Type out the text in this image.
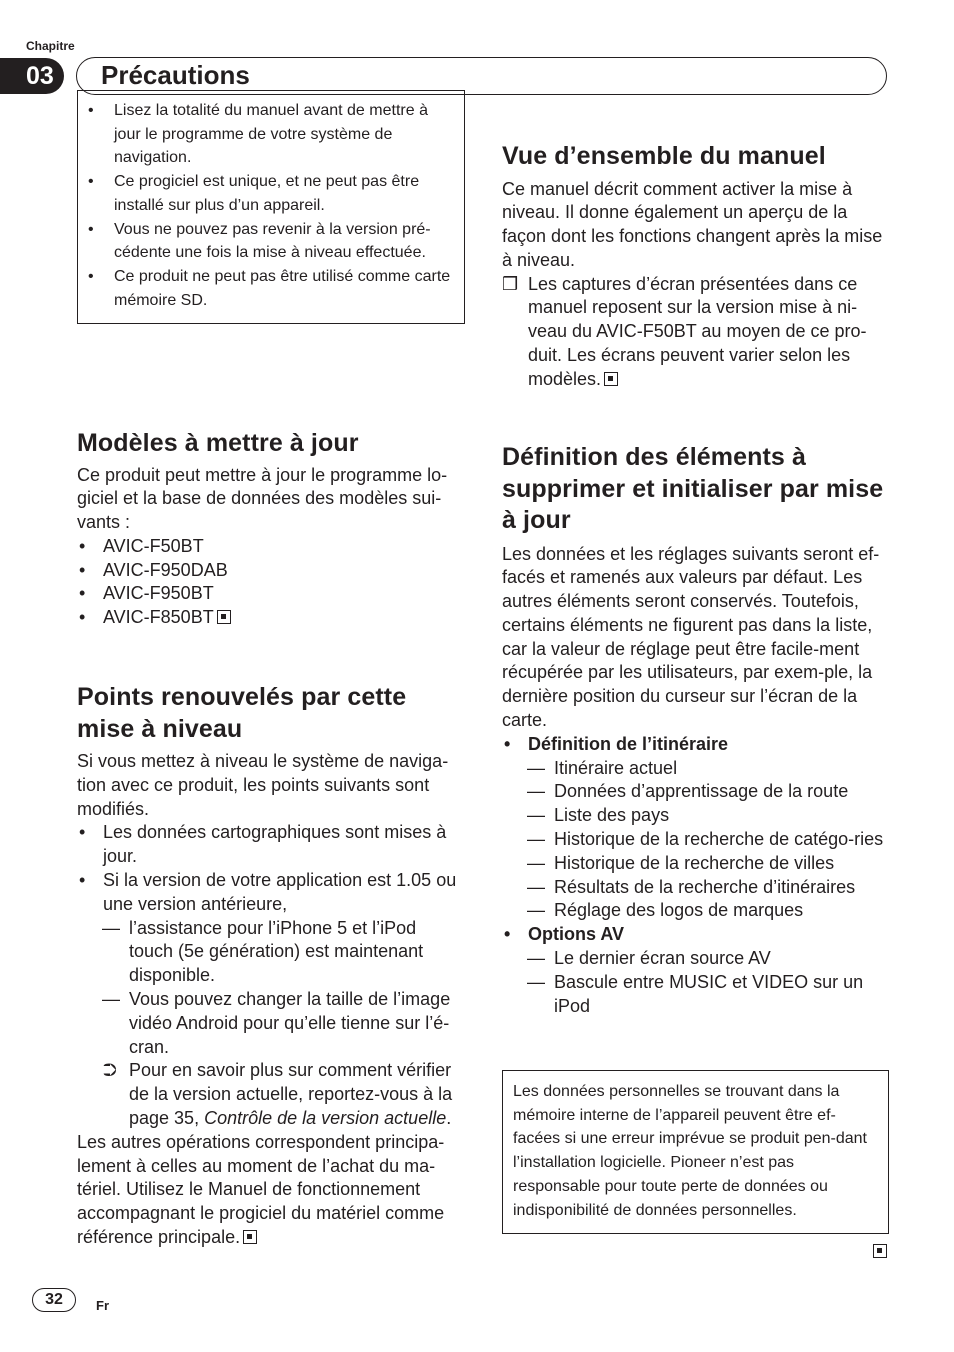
Chapitre
03	Précautions
• Lisez la totalité du manuel avant de mettre à jour le programme de votre système de navigation.
• Ce progiciel est unique, et ne peut pas être installé sur plus d’un appareil.
• Vous ne pouvez pas revenir à la version pré-cédente une fois la mise à niveau effectuée.
• Ce produit ne peut pas être utilisé comme carte mémoire SD.
Modèles à mettre à jour

Ce produit peut mettre à jour le programme lo-giciel et la base de données des modèles sui-vants :

• AVIC-F50BT
• AVIC-F950DAB
• AVIC-F950BT
• AVIC-F850BT
Points renouvelés par cette mise à niveau

Si vous mettez à niveau le système de naviga-tion avec ce produit, les points suivants sont modifiés.

• Les données cartographiques sont mises à jour.
• Si la version de votre application est 1.05 ou une version antérieure,
— l’assistance pour l’iPhone 5 et l’iPod touch (5e génération) est maintenant disponible.
— Vous pouvez changer la taille de l’image vidéo Android pour qu’elle tienne sur l’é-cran.
⮊ Pour en savoir plus sur comment vérifier de la version actuelle, reportez-vous à la page 35, Contrôle de la version actuelle.

Les autres opérations correspondent principa-lement à celles au moment de l’achat du ma-tériel. Utilisez le Manuel de fonctionnement accompagnant le progiciel du matériel comme référence principale.

Vue d’ensemble du manuel

Ce manuel décrit comment activer la mise à niveau. Il donne également un aperçu de la façon dont les fonctions changent après la mise à niveau.

❒ Les captures d’écran présentées dans ce manuel reposent sur la version mise à ni-veau du AVIC-F50BT au moyen de ce pro-duit. Les écrans peuvent varier selon les modèles.
Définition des éléments à supprimer et initialiser par mise à jour

Les données et les réglages suivants seront ef-facés et ramenés aux valeurs par défaut. Les autres éléments seront conservés. Toutefois, certains éléments ne figurent pas dans la liste, car la valeur de réglage peut être facile-ment récupérée par les utilisateurs, par exem-ple, la dernière position du curseur sur l’écran de la carte.

• Définition de l’itinéraire
— Itinéraire actuel
— Données d’apprentissage de la route
— Liste des pays
— Historique de la recherche de catégo-ries
— Historique de la recherche de villes
— Résultats de la recherche d’itinéraires
— Réglage des logos de marques
• Options AV
— Le dernier écran source AV
— Bascule entre MUSIC et VIDEO sur un iPod
Les données personnelles se trouvant dans la mémoire interne de l’appareil peuvent être ef-facées si une erreur imprévue se produit pen-dant l’installation logicielle. Pioneer n’est pas responsable pour toute perte de données ou indisponibilité de données personnelles.
32	Fr
